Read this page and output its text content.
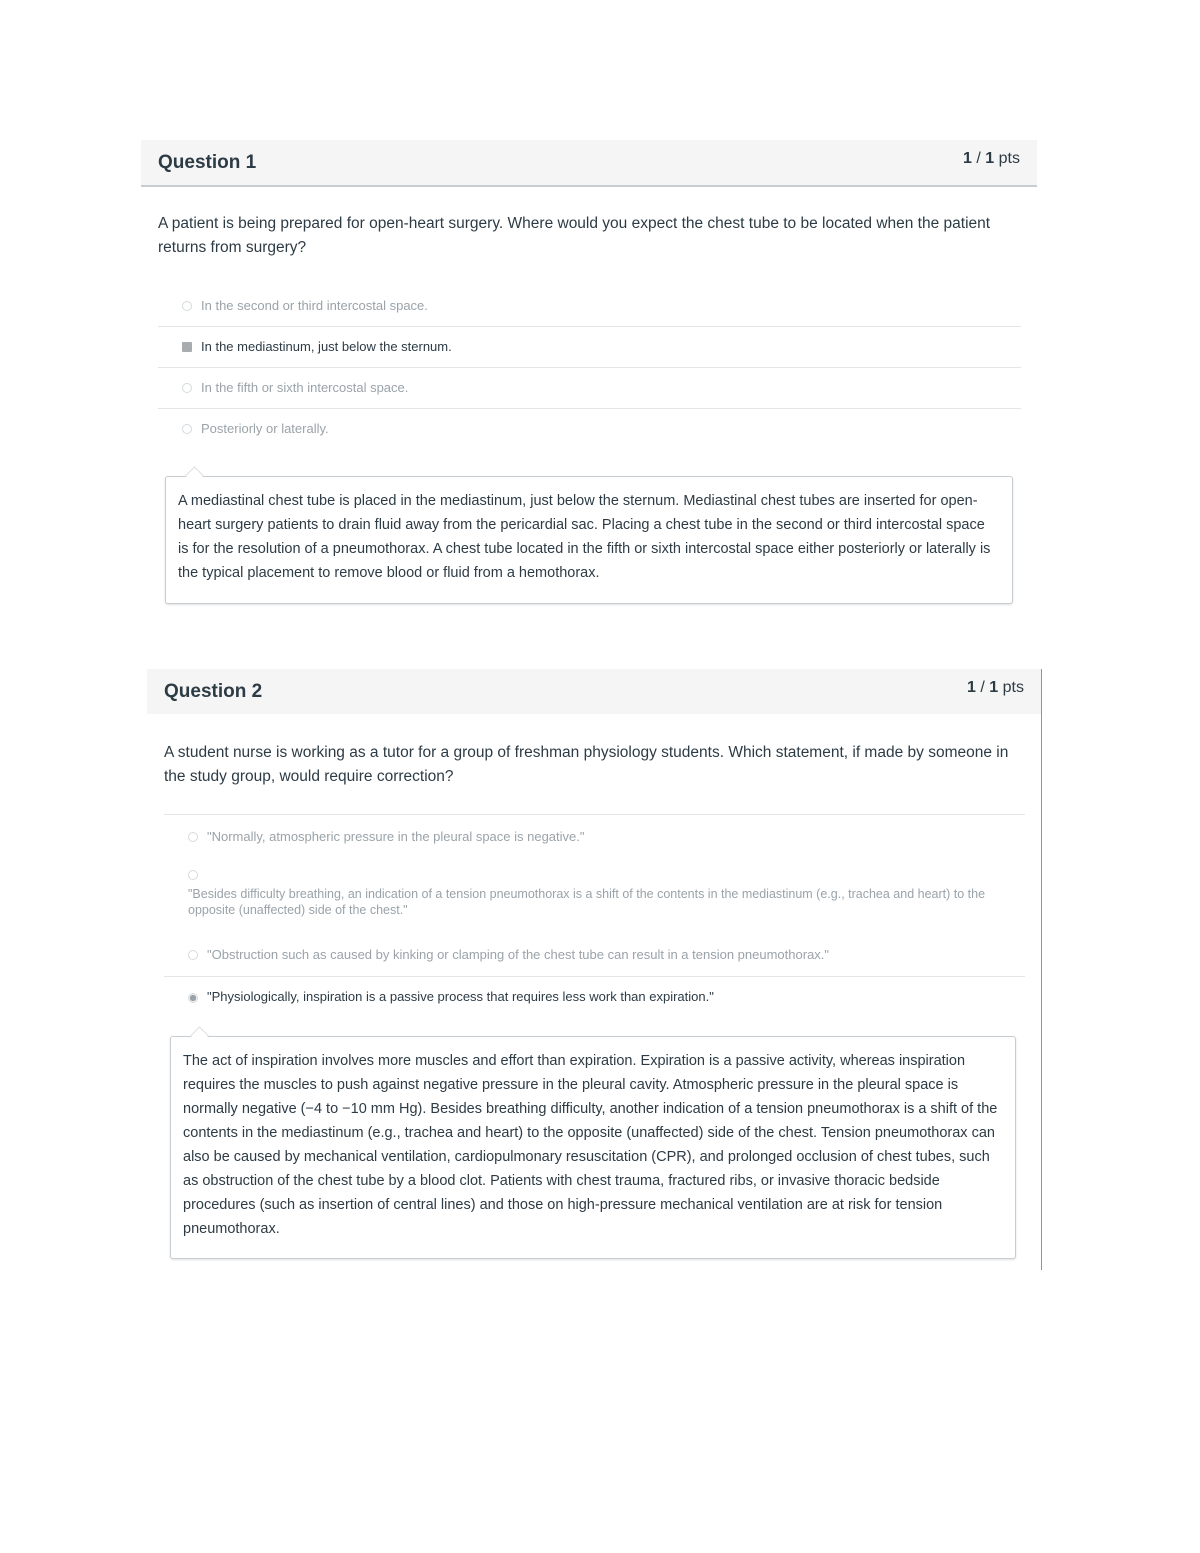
Question 1	1 / 1 pts
A patient is being prepared for open-heart surgery. Where would you expect the chest tube to be located when the patient returns from surgery?
In the second or third intercostal space.
In the mediastinum, just below the sternum.
In the fifth or sixth intercostal space.
Posteriorly or laterally.
A mediastinal chest tube is placed in the mediastinum, just below the sternum. Mediastinal chest tubes are inserted for open-heart surgery patients to drain fluid away from the pericardial sac. Placing a chest tube in the second or third intercostal space is for the resolution of a pneumothorax. A chest tube located in the fifth or sixth intercostal space either posteriorly or laterally is the typical placement to remove blood or fluid from a hemothorax.
Question 2	1 / 1 pts
A student nurse is working as a tutor for a group of freshman physiology students. Which statement, if made by someone in the study group, would require correction?
"Normally, atmospheric pressure in the pleural space is negative."
"Besides difficulty breathing, an indication of a tension pneumothorax is a shift of the contents in the mediastinum (e.g., trachea and heart) to the opposite (unaffected) side of the chest."
"Obstruction such as caused by kinking or clamping of the chest tube can result in a tension pneumothorax."
"Physiologically, inspiration is a passive process that requires less work than expiration."
The act of inspiration involves more muscles and effort than expiration. Expiration is a passive activity, whereas inspiration requires the muscles to push against negative pressure in the pleural cavity. Atmospheric pressure in the pleural space is normally negative (−4 to −10 mm Hg). Besides breathing difficulty, another indication of a tension pneumothorax is a shift of the contents in the mediastinum (e.g., trachea and heart) to the opposite (unaffected) side of the chest. Tension pneumothorax can also be caused by mechanical ventilation, cardiopulmonary resuscitation (CPR), and prolonged occlusion of chest tubes, such as obstruction of the chest tube by a blood clot. Patients with chest trauma, fractured ribs, or invasive thoracic bedside procedures (such as insertion of central lines) and those on high-pressure mechanical ventilation are at risk for tension pneumothorax.
